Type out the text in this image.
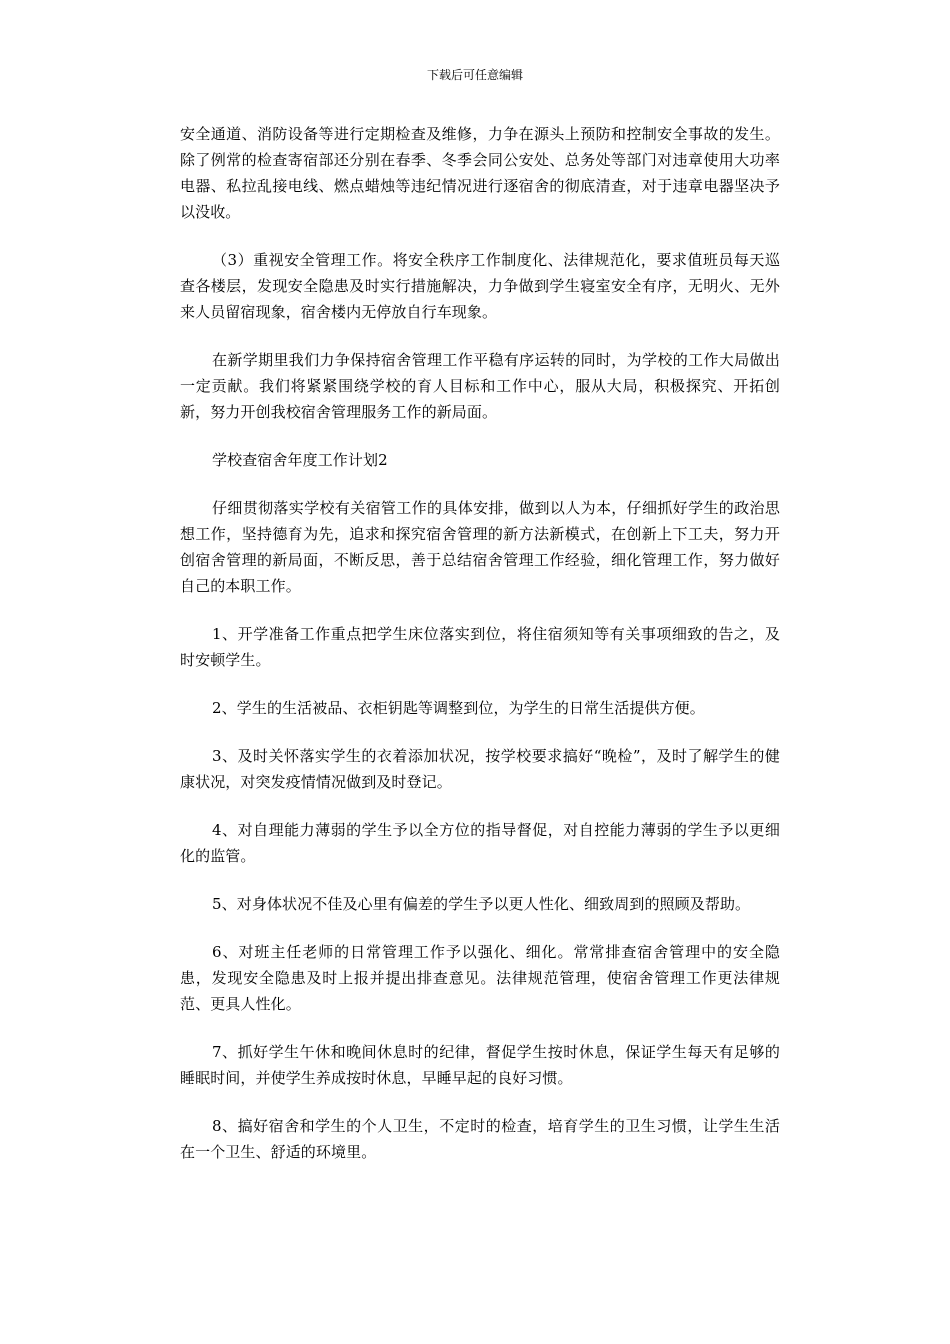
下载后可任意编辑

安全通道、消防设备等进行定期检查及维修，力争在源头上预防和控制安全事故的发生。除了例常的检查寄宿部还分别在春季、冬季会同公安处、总务处等部门对违章使用大功率电器、私拉乱接电线、燃点蜡烛等违纪情况进行逐宿舍的彻底清查，对于违章电器坚决予以没收。

（3）重视安全管理工作。将安全秩序工作制度化、法律规范化，要求值班员每天巡查各楼层，发现安全隐患及时实行措施解决，力争做到学生寝室安全有序，无明火、无外来人员留宿现象，宿舍楼内无停放自行车现象。

在新学期里我们力争保持宿舍管理工作平稳有序运转的同时，为学校的工作大局做出一定贡献。我们将紧紧围绕学校的育人目标和工作中心，服从大局，积极探究、开拓创新，努力开创我校宿舍管理服务工作的新局面。

学校查宿舍年度工作计划2

仔细贯彻落实学校有关宿管工作的具体安排，做到以人为本，仔细抓好学生的政治思想工作，坚持德育为先，追求和探究宿舍管理的新方法新模式，在创新上下工夫，努力开创宿舍管理的新局面，不断反思，善于总结宿舍管理工作经验，细化管理工作，努力做好自己的本职工作。

1、开学准备工作重点把学生床位落实到位，将住宿须知等有关事项细致的告之，及时安顿学生。

2、学生的生活被品、衣柜钥匙等调整到位，为学生的日常生活提供方便。

3、及时关怀落实学生的衣着添加状况，按学校要求搞好“晚检”，及时了解学生的健康状况，对突发疫情情况做到及时登记。

4、对自理能力薄弱的学生予以全方位的指导督促，对自控能力薄弱的学生予以更细化的监管。

5、对身体状况不佳及心里有偏差的学生予以更人性化、细致周到的照顾及帮助。

6、对班主任老师的日常管理工作予以强化、细化。常常排查宿舍管理中的安全隐患，发现安全隐患及时上报并提出排查意见。法律规范管理，使宿舍管理工作更法律规范、更具人性化。

7、抓好学生午休和晚间休息时的纪律，督促学生按时休息，保证学生每天有足够的睡眠时间，并使学生养成按时休息，早睡早起的良好习惯。

8、搞好宿舍和学生的个人卫生，不定时的检查，培育学生的卫生习惯，让学生生活在一个卫生、舒适的环境里。
